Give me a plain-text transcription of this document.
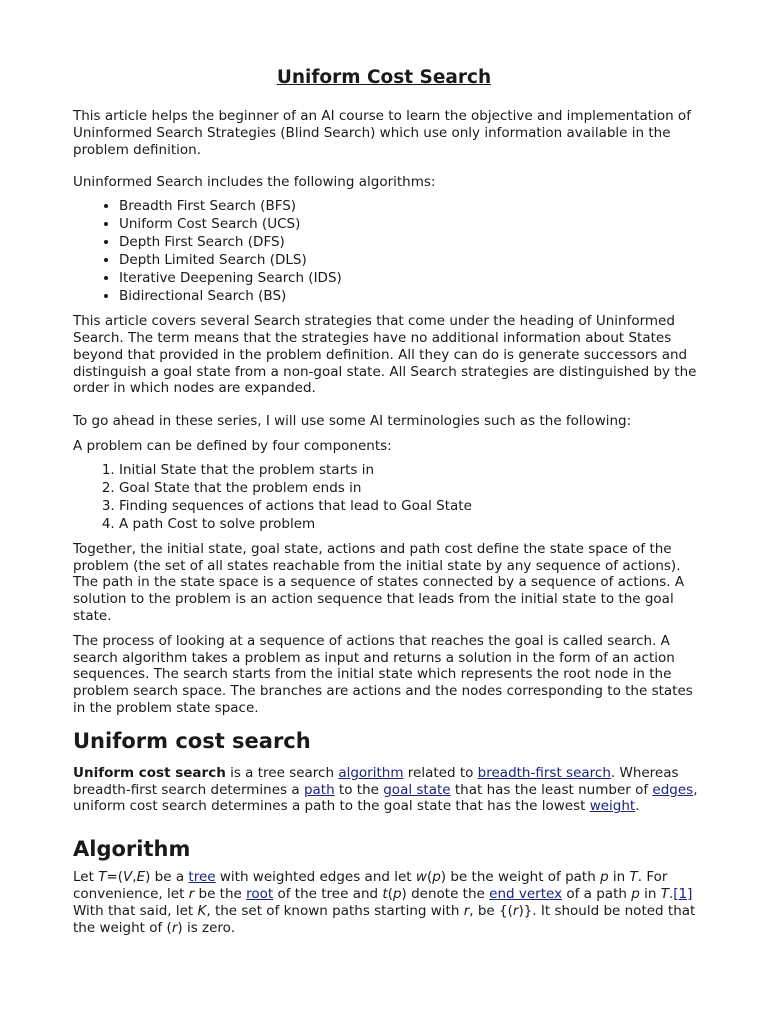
Uniform Cost Search

This article helps the beginner of an AI course to learn the objective and implementation of Uninformed Search Strategies (Blind Search) which use only information available in the problem definition.

Uninformed Search includes the following algorithms:

• Breadth First Search (BFS)
• Uniform Cost Search (UCS)
• Depth First Search (DFS)
• Depth Limited Search (DLS)
• Iterative Deepening Search (IDS)
• Bidirectional Search (BS)

This article covers several Search strategies that come under the heading of Uninformed Search. The term means that the strategies have no additional information about States beyond that provided in the problem definition. All they can do is generate successors and distinguish a goal state from a non-goal state. All Search strategies are distinguished by the order in which nodes are expanded.

To go ahead in these series, I will use some AI terminologies such as the following:

A problem can be defined by four components:

1. Initial State that the problem starts in
2. Goal State that the problem ends in
3. Finding sequences of actions that lead to Goal State
4. A path Cost to solve problem

Together, the initial state, goal state, actions and path cost define the state space of the problem (the set of all states reachable from the initial state by any sequence of actions). The path in the state space is a sequence of states connected by a sequence of actions. A solution to the problem is an action sequence that leads from the initial state to the goal state.

The process of looking at a sequence of actions that reaches the goal is called search. A search algorithm takes a problem as input and returns a solution in the form of an action sequences. The search starts from the initial state which represents the root node in the problem search space. The branches are actions and the nodes corresponding to the states in the problem state space.

Uniform cost search

Uniform cost search is a tree search algorithm related to breadth-first search. Whereas breadth-first search determines a path to the goal state that has the least number of edges, uniform cost search determines a path to the goal state that has the lowest weight.

Algorithm

Let T=(V,E) be a tree with weighted edges and let w(p) be the weight of path p in T. For convenience, let r be the root of the tree and t(p) denote the end vertex of a path p in T.[1] With that said, let K, the set of known paths starting with r, be {(r)}. It should be noted that the weight of (r) is zero.
